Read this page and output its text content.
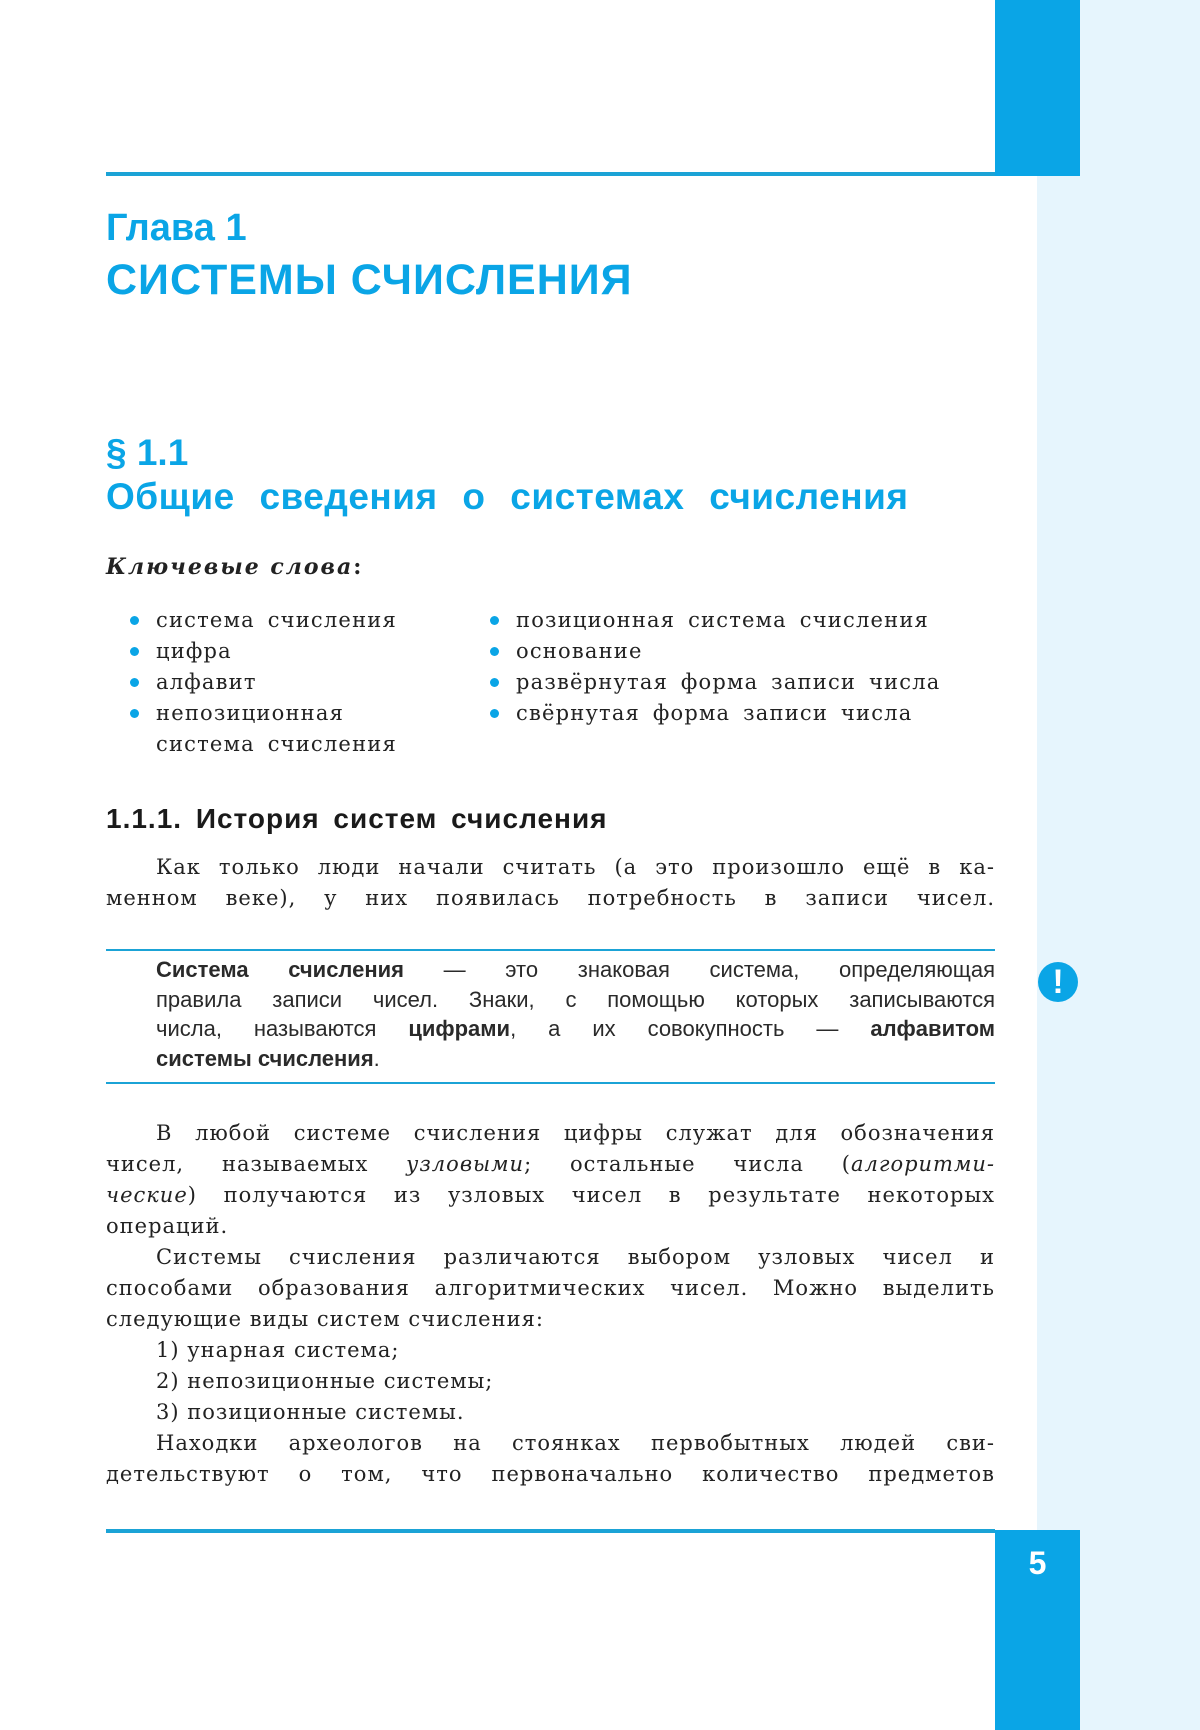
Глава 1
СИСТЕМЫ СЧИСЛЕНИЯ
§ 1.1
Общие сведения о системах счисления
Ключевые слова:
система счисления
цифра
алфавит
непозиционная система счисления
позиционная система счисления
основание
развёрнутая форма записи числа
свёрнутая форма записи числа
1.1.1. История систем счисления
Как только люди начали считать (а это произошло ещё в ка-
менном веке), у них появилась потребность в записи чисел.
Система счисления — это знаковая система, определяющая
правила записи чисел. Знаки, с помощью которых записываются
числа, называются цифрами, а их совокупность — алфавитом
системы счисления.
!
В любой системе счисления цифры служат для обозначения
чисел, называемых узловыми; остальные числа (алгоритми-
ческие) получаются из узловых чисел в результате некоторых
операций.
Системы счисления различаются выбором узловых чисел и
способами образования алгоритмических чисел. Можно выделить
следующие виды систем счисления:
1) унарная система;
2) непозиционные системы;
3) позиционные системы.
Находки археологов на стоянках первобытных людей сви-
детельствуют о том, что первоначально количество предметов
5
